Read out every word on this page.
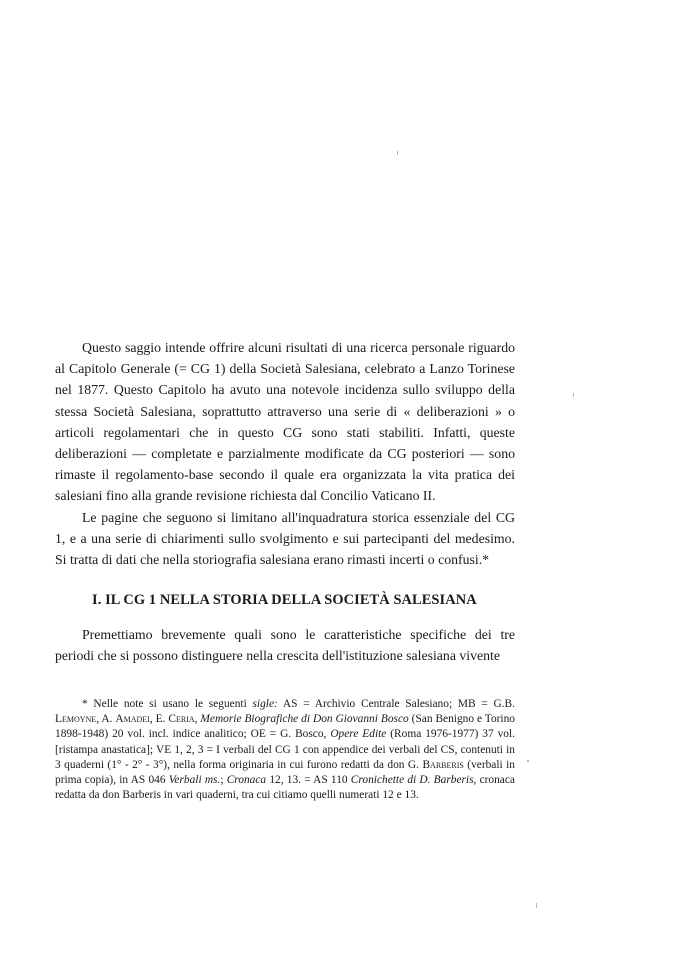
Questo saggio intende offrire alcuni risultati di una ricerca personale riguardo al Capitolo Generale (= CG 1) della Società Salesiana, celebrato a Lanzo Torinese nel 1877. Questo Capitolo ha avuto una notevole incidenza sullo sviluppo della stessa Società Salesiana, soprattutto attraverso una serie di « deliberazioni » o articoli regolamentari che in questo CG sono stati stabiliti. Infatti, queste deliberazioni — completate e parzialmente modificate da CG posteriori — sono rimaste il regolamento-base secondo il quale era organizzata la vita pratica dei salesiani fino alla grande revisione richiesta dal Concilio Vaticano II.

Le pagine che seguono si limitano all'inquadratura storica essenziale del CG 1, e a una serie di chiarimenti sullo svolgimento e sui partecipanti del medesimo. Si tratta di dati che nella storiografia salesiana erano rimasti incerti o confusi.*

I. IL CG 1 NELLA STORIA DELLA SOCIETÀ SALESIANA

Premettiamo brevemente quali sono le caratteristiche specifiche dei tre periodi che si possono distinguere nella crescita dell'istituzione salesiana vivente

* Nelle note si usano le seguenti sigle: AS = Archivio Centrale Salesiano; MB = G.B. Lemoyne, A. Amadei, E. Ceria, Memorie Biografiche di Don Giovanni Bosco (San Benigno e Torino 1898-1948) 20 vol. incl. indice analitico; OE = G. Bosco, Opere Edite (Roma 1976-1977) 37 vol. [ristampa anastatica]; VE 1, 2, 3 = I verbali del CG 1 con appendice dei verbali del CS, contenuti in 3 quaderni (1° - 2° - 3°), nella forma originaria in cui furono redatti da don G. Barberis (verbali in prima copia), in AS 046 Verbali ms.; Cronaca 12, 13. = AS 110 Cronichette di D. Barberis, cronaca redatta da don Barberis in vari quaderni, tra cui citiamo quelli numerati 12 e 13.
